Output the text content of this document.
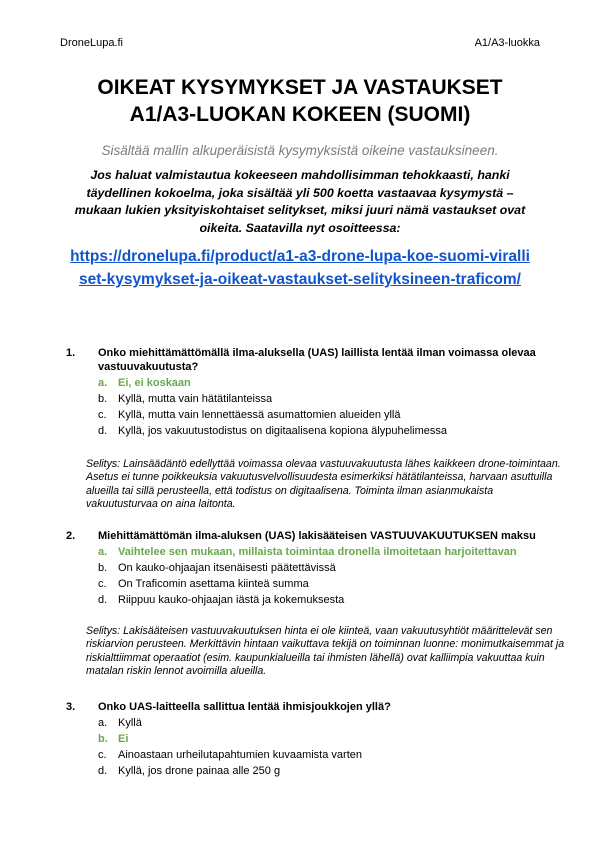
DroneLupa.fi	A1/A3-luokka
OIKEAT KYSYMYKSET JA VASTAUKSET
A1/A3-LUOKAN KOKEEN (SUOMI)
Sisältää mallin alkuperäisistä kysymyksistä oikeine vastauksineen.
Jos haluat valmistautua kokeeseen mahdollisimman tehokkaasti, hanki täydellinen kokoelma, joka sisältää yli 500 koetta vastaavaa kysymystä – mukaan lukien yksityiskohtaiset selitykset, miksi juuri nämä vastaukset ovat oikeita. Saatavilla nyt osoitteessa:
https://dronelupa.fi/product/a1-a3-drone-lupa-koe-suomi-viralliset-kysymykset-ja-oikeat-vastaukset-selityksineen-traficom/
1. Onko miehittämättömällä ilma-aluksella (UAS) laillista lentää ilman voimassa olevaa vastuuvakuutusta?
a. Ei, ei koskaan
b. Kyllä, mutta vain hätätilanteissa
c. Kyllä, mutta vain lennettäessä asumattomien alueiden yllä
d. Kyllä, jos vakuutustodistus on digitaalisena kopiona älypuhelimessa
Selitys: Lainsäädäntö edellyttää voimassa olevaa vastuuvakuutusta lähes kaikkeen drone-toimintaan. Asetus ei tunne poikkeuksia vakuutusvelvollisuudesta esimerkiksi hätätilanteissa, harvaan asuttuilla alueilla tai sillä perusteella, että todistus on digitaalisena. Toiminta ilman asianmukaista vakuutusturvaa on aina laitonta.
2. Miehittämättömän ilma-aluksen (UAS) lakisääteisen VASTUUVAKUUTUKSEN maksu
a. Vaihtelee sen mukaan, millaista toimintaa dronella ilmoitetaan harjoitettavan
b. On kauko-ohjaajan itsenäisesti päätettävissä
c. On Traficomin asettama kiinteä summa
d. Riippuu kauko-ohjaajan iästä ja kokemuksesta
Selitys: Lakisääteisen vastuuvakuutuksen hinta ei ole kiinteä, vaan vakuutusyhtiöt määrittelevät sen riskiarvion perusteen. Merkittävin hintaan vaikuttava tekijä on toiminnan luonne: monimutkaisemmat ja riskialttiimmat operaatiot (esim. kaupunkialueilla tai ihmisten lähellä) ovat kalliimpia vakuuttaa kuin matalan riskin lennot avoimilla alueilla.
3. Onko UAS-laitteella sallittua lentää ihmisjoukkojen yllä?
a. Kyllä
b. Ei
c. Ainoastaan urheilutapahtumien kuvaamista varten
d. Kyllä, jos drone painaa alle 250 g
